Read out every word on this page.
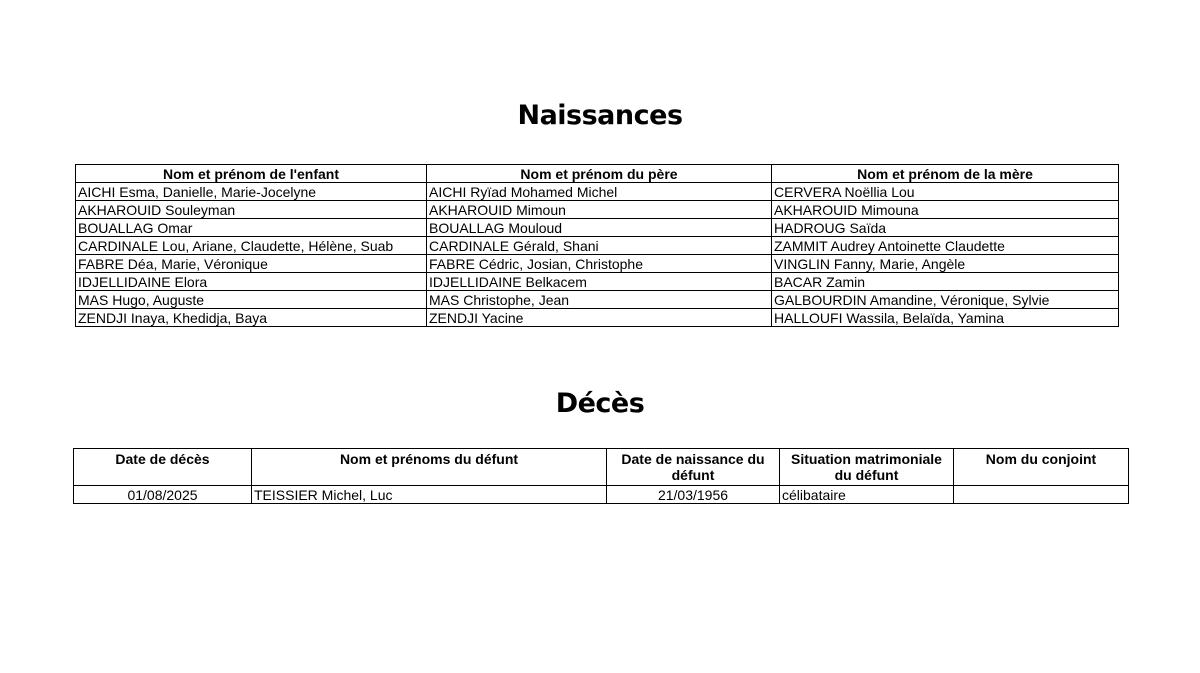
Naissances
Nom et prénom de l'enfant	Nom et prénom du père	Nom et prénom de la mère
AICHI Esma, Danielle, Marie-Jocelyne	AICHI Ryïad Mohamed Michel	CERVERA Noëllia Lou
AKHAROUID Souleyman	AKHAROUID Mimoun	AKHAROUID Mimouna
BOUALLAG Omar	BOUALLAG Mouloud	HADROUG Saïda
CARDINALE Lou, Ariane, Claudette, Hélène, Suab	CARDINALE Gérald, Shani	ZAMMIT Audrey Antoinette Claudette
FABRE Déa, Marie, Véronique	FABRE Cédric, Josian, Christophe	VINGLIN Fanny, Marie, Angèle
IDJELLIDAINE Elora	IDJELLIDAINE Belkacem	BACAR Zamin
MAS Hugo, Auguste	MAS Christophe, Jean	GALBOURDIN Amandine, Véronique, Sylvie
ZENDJI Inaya, Khedidja, Baya	ZENDJI Yacine	HALLOUFI Wassila, Belaïda, Yamina
Décès
Date de décès	Nom et prénoms du défunt	Date de naissance du défunt	Situation matrimoniale du défunt	Nom du conjoint
01/08/2025	TEISSIER Michel, Luc	21/03/1956	célibataire	
